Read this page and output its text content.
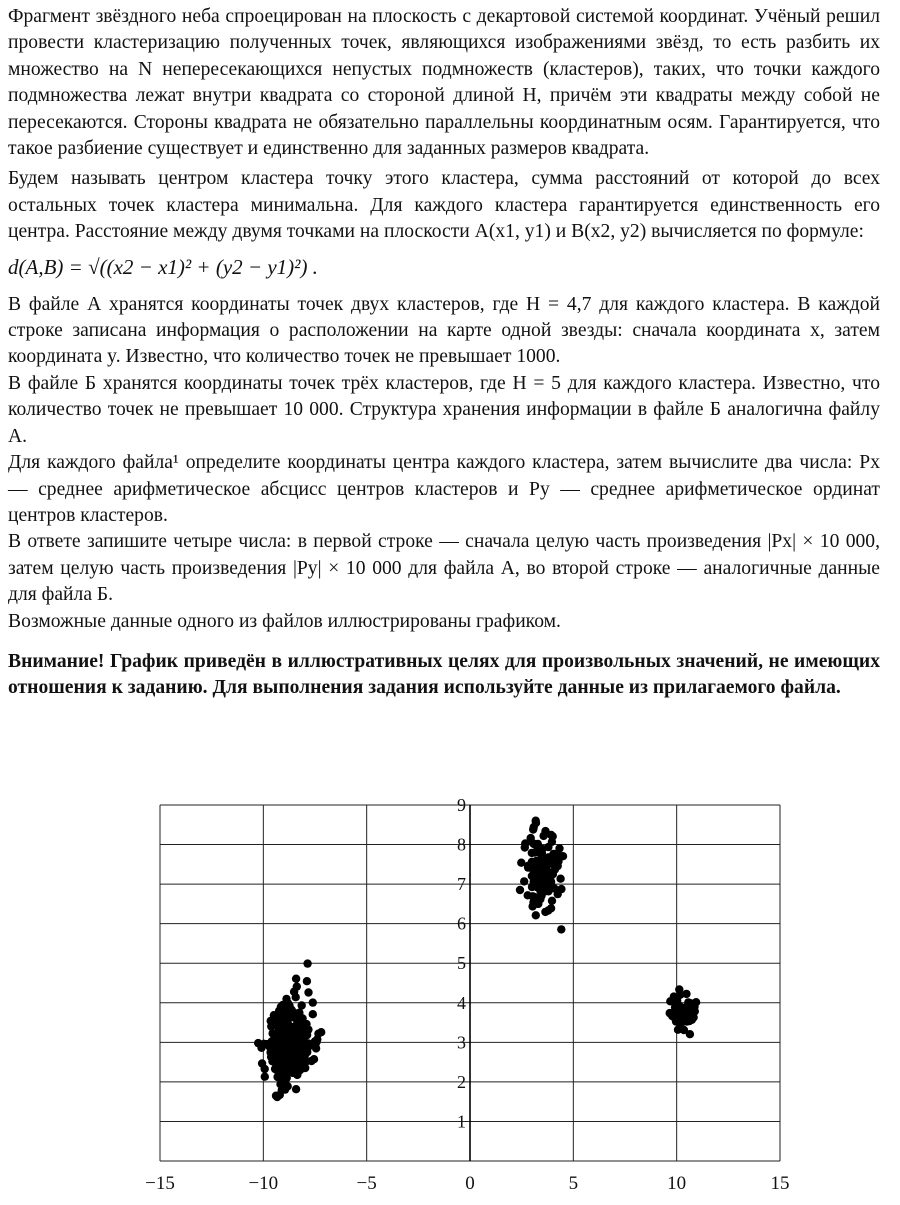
Фрагмент звёздного неба спроецирован на плоскость с декартовой системой координат. Учёный решил провести кластеризацию полученных точек, являющихся изображениями звёзд, то есть разбить их множество на N непересекающихся непустых подмножеств (кластеров), таких, что точки каждого подмножества лежат внутри квадрата со стороной длиной H, причём эти квадраты между собой не пересекаются. Стороны квадрата не обязательно параллельны координатным осям. Гарантируется, что такое разбиение существует и единственно для заданных размеров квадрата.

Будем называть центром кластера точку этого кластера, сумма расстояний от которой до всех остальных точек кластера минимальна. Для каждого кластера гарантируется единственность его центра. Расстояние между двумя точками на плоскости A(x1, y1) и B(x2, y2) вычисляется по формуле:

d(A,B) = √((x2 − x1)² + (y2 − y1)²) .

В файле А хранятся координаты точек двух кластеров, где H = 4,7 для каждого кластера. В каждой строке записана информация о расположении на карте одной звезды: сначала координата x, затем координата y. Известно, что количество точек не превышает 1000.

В файле Б хранятся координаты точек трёх кластеров, где H = 5 для каждого кластера. Известно, что количество точек не превышает 10 000. Структура хранения информации в файле Б аналогична файлу А.

Для каждого файла¹ определите координаты центра каждого кластера, затем вычислите два числа: Px — среднее арифметическое абсцисс центров кластеров и Py — среднее арифметическое ординат центров кластеров.

В ответе запишите четыре числа: в первой строке — сначала целую часть произведения |Px| × 10 000, затем целую часть произведения |Py| × 10 000 для файла А, во второй строке — аналогичные данные для файла Б.

Возможные данные одного из файлов иллюстрированы графиком.

Внимание! График приведён в иллюстративных целях для произвольных значений, не имеющих отношения к заданию. Для выполнения задания используйте данные из прилагаемого файла.

−15	−10	−5	0	5	10	15
1
2
3
4
5
6
7
8
9
